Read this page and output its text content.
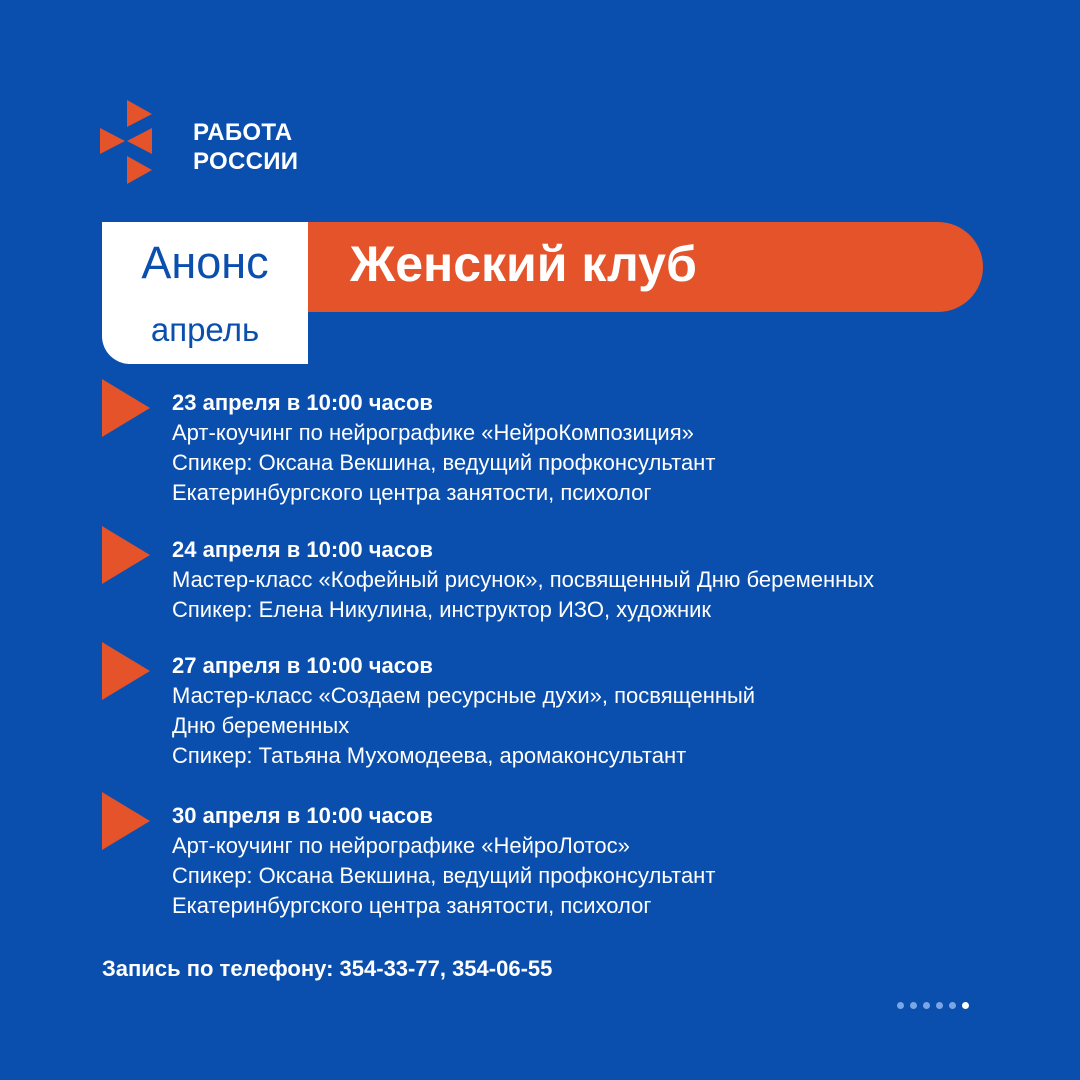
РАБОТА
РОССИИ
Женский клуб
Анонс
апрель
23 апреля в 10:00 часов
Арт-коучинг по нейрографике «НейроКомпозиция»
Спикер: Оксана Векшина, ведущий профконсультант
Екатеринбургского центра занятости, психолог
24 апреля в 10:00 часов
Мастер-класс «Кофейный рисунок», посвященный Дню беременных
Спикер: Елена Никулина, инструктор ИЗО, художник
27 апреля в 10:00 часов
Мастер-класс «Создаем ресурсные духи», посвященный
Дню беременных
Спикер: Татьяна Мухомодеева, аромаконсультант
30 апреля в 10:00 часов
Арт-коучинг по нейрографике «НейроЛотос»
Спикер: Оксана Векшина, ведущий профконсультант
Екатеринбургского центра занятости, психолог
Запись по телефону: 354-33-77, 354-06-55
